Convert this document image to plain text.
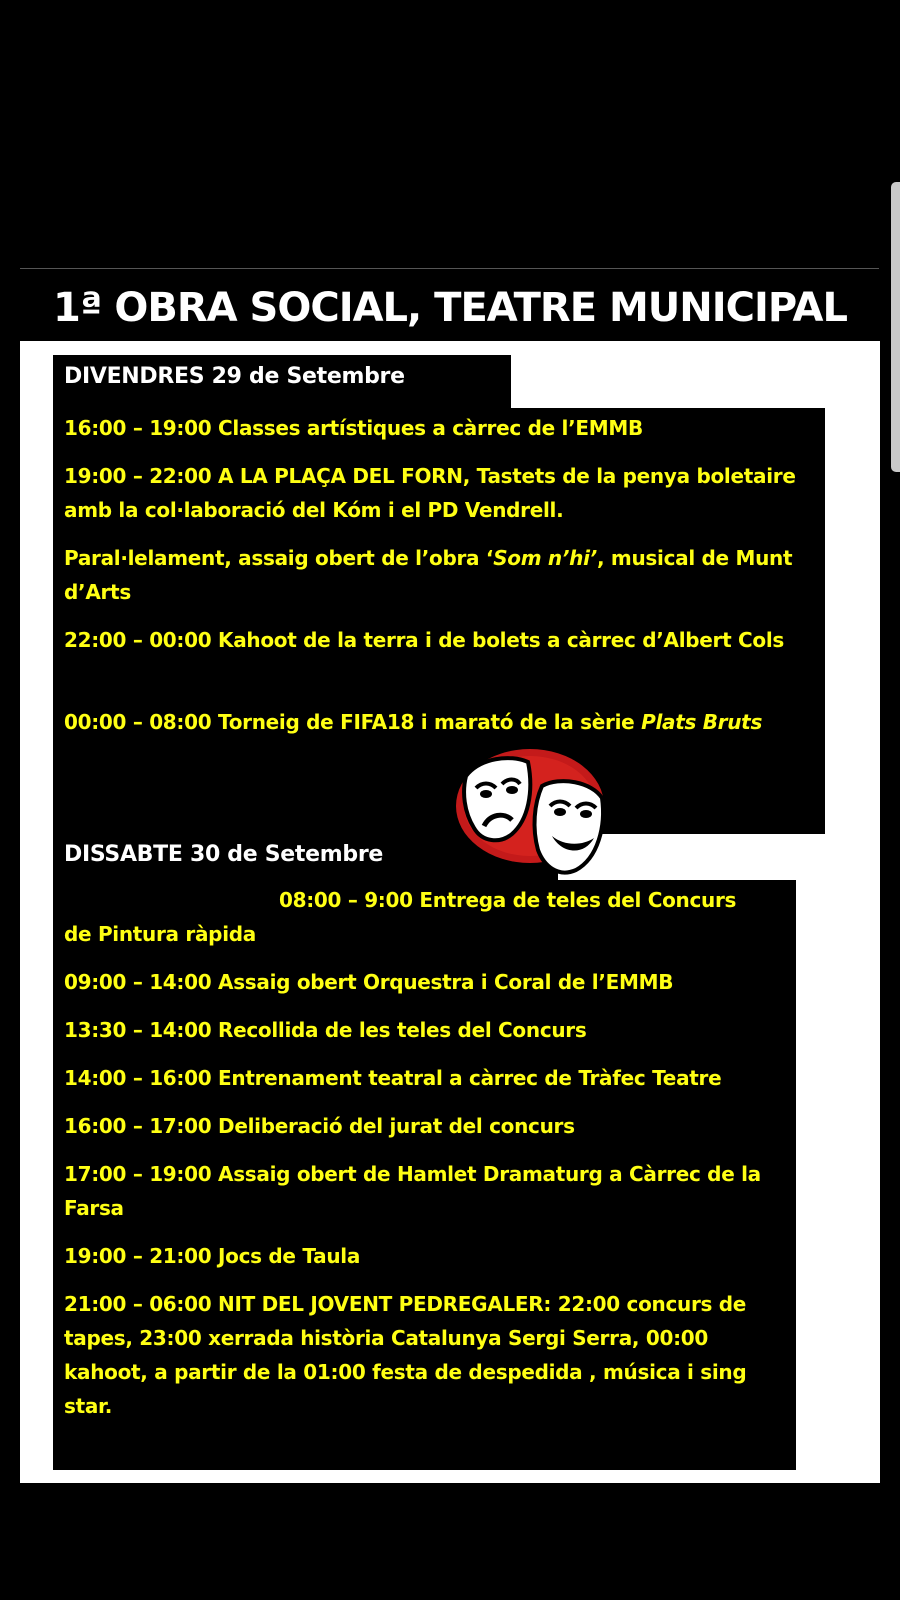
1ª OBRA SOCIAL, TEATRE MUNICIPAL
DIVENDRES 29 de Setembre
16:00 – 19:00 Classes artístiques a càrrec de l’EMMB
19:00 – 22:00 A LA PLAÇA DEL FORN, Tastets de la penya boletaire amb la col·laboració del Kóm i el PD Vendrell.
Paral·lelament, assaig obert de l’obra ‘Som n’hi’, musical de Munt d’Arts
22:00 – 00:00 Kahoot de la terra i de bolets a càrrec d’Albert Cols
00:00 – 08:00 Torneig de FIFA18 i marató de la sèrie Plats Bruts
DISSABTE 30 de Setembre
08:00 – 9:00 Entrega de teles del Concurs de Pintura ràpida
09:00 – 14:00 Assaig obert Orquestra i Coral de l’EMMB
13:30 – 14:00 Recollida de les teles del Concurs
14:00 – 16:00 Entrenament teatral a càrrec de Tràfec Teatre
16:00 – 17:00 Deliberació del jurat del concurs
17:00 – 19:00 Assaig obert de Hamlet Dramaturg a Càrrec de la Farsa
19:00 – 21:00 Jocs de Taula
21:00 – 06:00 NIT DEL JOVENT PEDREGALER: 22:00 concurs de tapes, 23:00 xerrada història Catalunya Sergi Serra, 00:00 kahoot, a partir de la 01:00 festa de despedida , música i sing star.
